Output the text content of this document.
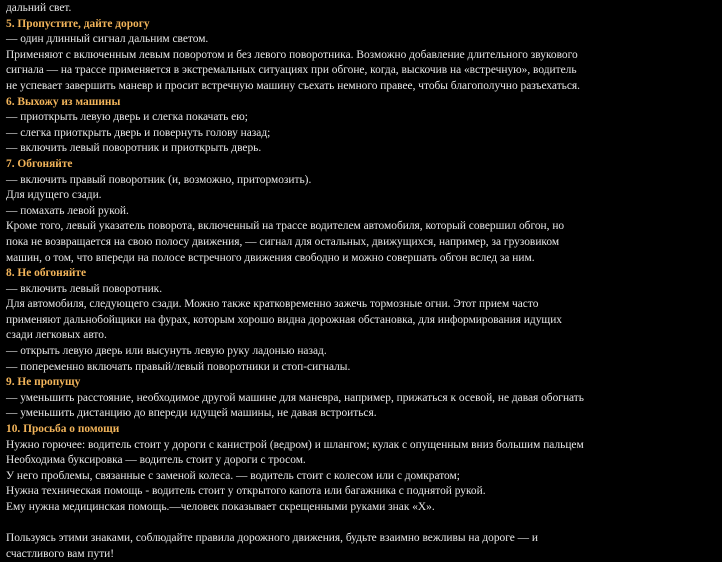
дальний свет.
5. Пропустите, дайте дорогу
— один длинный сигнал дальним светом.
Применяют с включенным левым поворотом и без левого поворотника. Возможно добавление длительного звукового
сигнала — на трассе применяется в экстремальных ситуациях при обгоне, когда, выскочив на «встречную», водитель
не успевает завершить маневр и просит встречную машину съехать немного правее, чтобы благополучно разъехаться.
6. Выхожу из машины
— приоткрыть левую дверь и слегка покачать ею;
— слегка приоткрыть дверь и повернуть голову назад;
— включить левый поворотник и приоткрыть дверь.
7. Обгоняйте
— включить правый поворотник (и, возможно, притормозить).
Для идущего сзади.
— помахать левой рукой.
Кроме того, левый указатель поворота, включенный на трассе водителем автомобиля, который совершил обгон, но
пока не возвращается на свою полосу движения, — сигнал для остальных, движущихся, например, за грузовиком
машин, о том, что впереди на полосе встречного движения свободно и можно совершать обгон вслед за ним.
8. Не обгоняйте
— включить левый поворотник.
Для автомобиля, следующего сзади. Можно также кратковременно зажечь тормозные огни. Этот прием часто
применяют дальнобойщики на фурах, которым хорошо видна дорожная обстановка, для информирования идущих
сзади легковых авто.
— открыть левую дверь или высунуть левую руку ладонью назад.
— попеременно включать правый/левый поворотники и стоп-сигналы.
9. Не пропущу
— уменьшить расстояние, необходимое другой машине для маневра, например, прижаться к осевой, не давая обогнать
— уменьшить дистанцию до впереди идущей машины, не давая встроиться.
10. Просьба о помощи
Нужно горючее: водитель стоит у дороги с канистрой (ведром) и шлангом; кулак с опущенным вниз большим пальцем
Необходима буксировка — водитель стоит у дороги с тросом.
У него проблемы, связанные с заменой колеса. — водитель стоит с колесом или с домкратом;
Нужна техническая помощь - водитель стоит у открытого капота или багажника с поднятой рукой.
Ему нужна медицинская помощь.—человек показывает скрещенными руками знак «X».
Пользуясь этими знаками, соблюдайте правила дорожного движения, будьте взаимно вежливы на дороге — и
счастливого вам пути!
